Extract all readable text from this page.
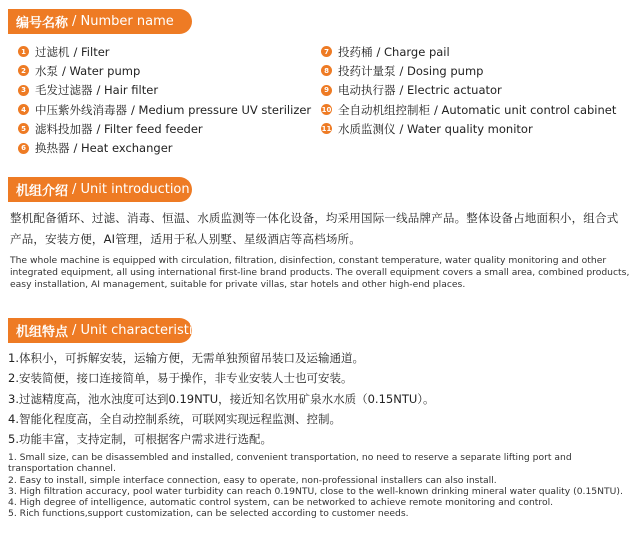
编号名称 / Number name
1 过滤机 / Filter
2 水泵 / Water pump
3 毛发过滤器 / Hair filter
4 中压紫外线消毒器 / Medium pressure UV sterilizer
5 滤料投加器 / Filter feed feeder
6 换热器 / Heat exchanger
7 投药桶 / Charge pail
8 投药计量泵 / Dosing pump
9 电动执行器 / Electric actuator
10 全自动机组控制柜 / Automatic unit control cabinet
11 水质监测仪 / Water quality monitor
机组介绍 / Unit introduction

整机配备循环、过滤、消毒、恒温、水质监测等一体化设备，均采用国际一线品牌产品。整体设备占地面积小，组合式产品，安装方便，AI管理，适用于私人别墅、星级酒店等高档场所。

The whole machine is equipped with circulation, filtration, disinfection, constant temperature, water quality monitoring and other integrated equipment, all using international first-line brand products. The overall equipment covers a small area, combined products, easy installation, AI management, suitable for private villas, star hotels and other high-end places.

机组特点 / Unit characteristics
1.体积小，可拆解安装，运输方便，无需单独预留吊装口及运输通道。
2.安装简便，接口连接简单，易于操作，非专业安装人士也可安装。
3.过滤精度高，池水浊度可达到0.19NTU，接近知名饮用矿泉水水质（0.15NTU）。
4.智能化程度高，全自动控制系统，可联网实现远程监测、控制。
5.功能丰富，支持定制，可根据客户需求进行选配。
1. Small size, can be disassembled and installed, convenient transportation, no need to reserve a separate lifting port and transportation channel.
2. Easy to install, simple interface connection, easy to operate, non-professional installers can also install.
3. High filtration accuracy, pool water turbidity can reach 0.19NTU, close to the well-known drinking mineral water quality (0.15NTU).
4. High degree of intelligence, automatic control system, can be networked to achieve remote monitoring and control.
5. Rich functions,support customization, can be selected according to customer needs.
